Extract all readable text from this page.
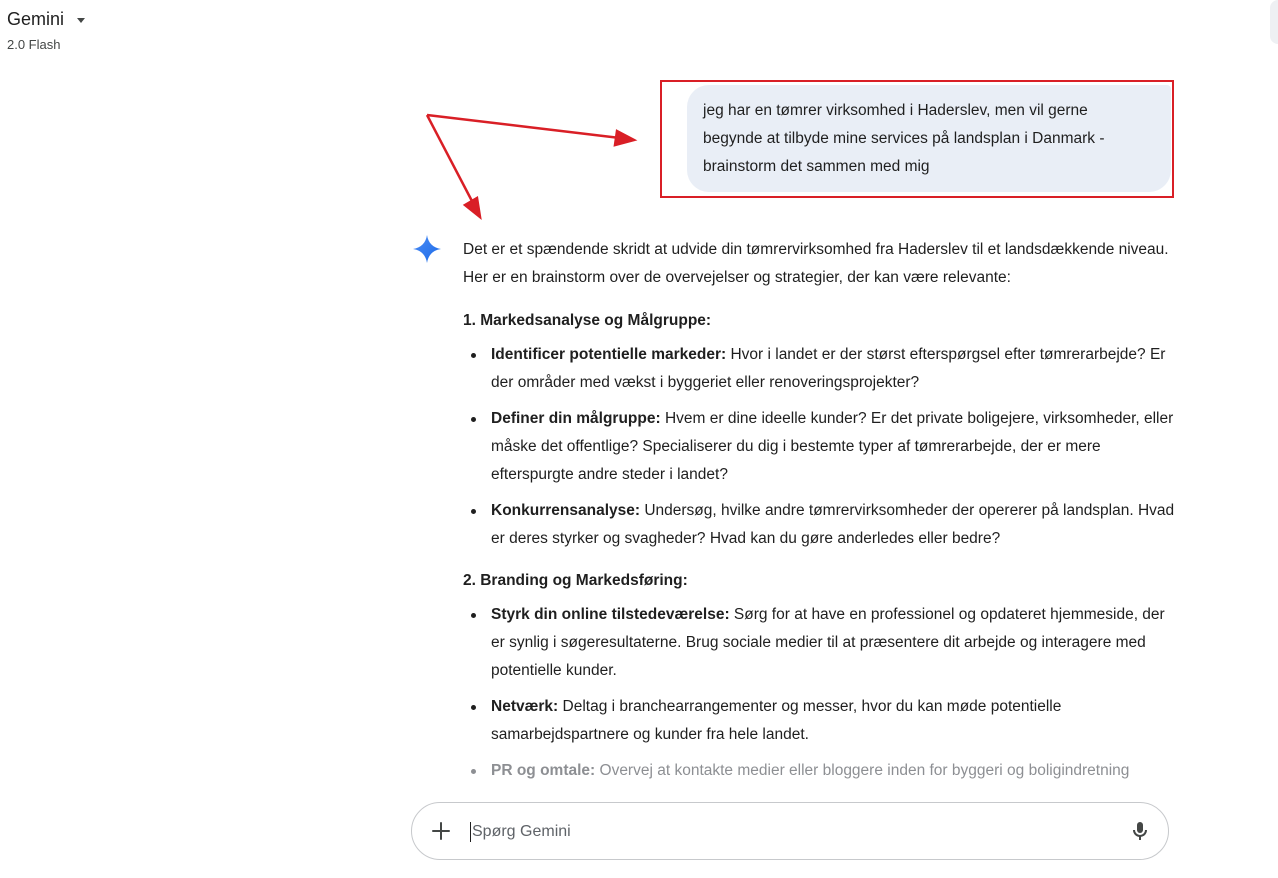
Gemini
2.0 Flash

jeg har en tømrer virksomhed i Haderslev, men vil gerne

begynde at tilbyde mine services på landsplan i Danmark -

brainstorm det sammen med mig

Det er et spændende skridt at udvide din tømrervirksomhed fra Haderslev til et landsdækkende niveau. Her er en brainstorm over de overvejelser og strategier, der kan være relevante:

1. Markedsanalyse og Målgruppe:

Identificer potentielle markeder: Hvor i landet er der størst efterspørgsel efter tømrerarbejde? Er der områder med vækst i byggeriet eller renoveringsprojekter?
Definer din målgruppe: Hvem er dine ideelle kunder? Er det private boligejere, virksomheder, eller måske det offentlige? Specialiserer du dig i bestemte typer af tømrerarbejde, der er mere efterspurgte andre steder i landet?
Konkurrensanalyse: Undersøg, hvilke andre tømrervirksomheder der opererer på landsplan. Hvad er deres styrker og svagheder? Hvad kan du gøre anderledes eller bedre?

2. Branding og Markedsføring:

Styrk din online tilstedeværelse: Sørg for at have en professionel og opdateret hjemmeside, der er synlig i søgeresultaterne. Brug sociale medier til at præsentere dit arbejde og interagere med potentielle kunder.
Netværk: Deltag i branchearrangementer og messer, hvor du kan møde potentielle samarbejdspartnere og kunder fra hele landet.
PR og omtale: Overvej at kontakte medier eller bloggere inden for byggeri og boligindretning
Spørg Gemini
